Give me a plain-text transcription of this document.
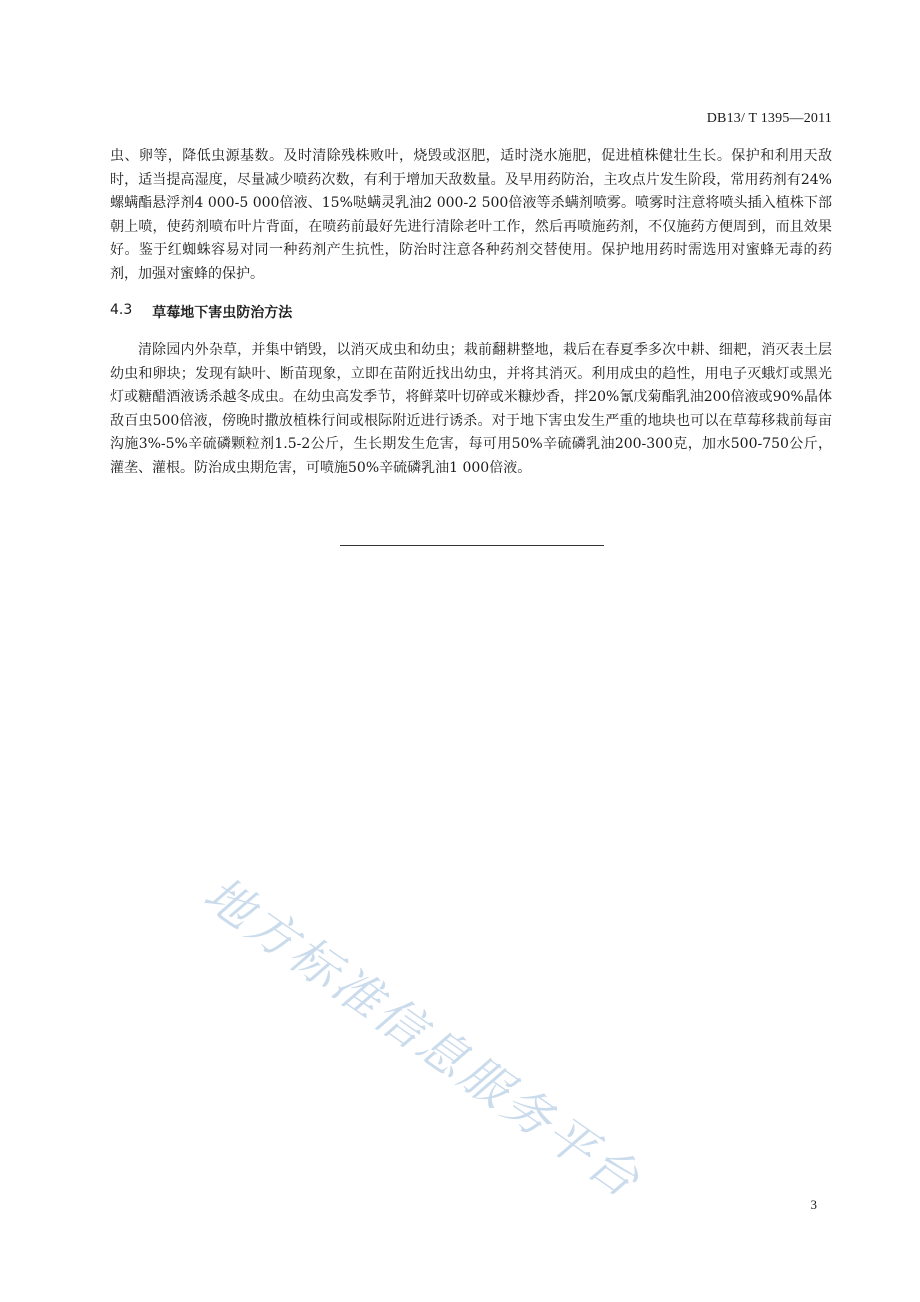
DB13/ T 1395—2011

虫、卵等，降低虫源基数。及时清除残株败叶，烧毁或沤肥，适时浇水施肥，促进植株健壮生长。保护和利用天敌时，适当提高湿度，尽量减少喷药次数，有利于增加天敌数量。及早用药防治，主攻点片发生阶段，常用药剂有24%螺螨酯悬浮剂4 000-5 000倍液、15%哒螨灵乳油2 000-2 500倍液等杀螨剂喷雾。喷雾时注意将喷头插入植株下部朝上喷，使药剂喷布叶片背面，在喷药前最好先进行清除老叶工作，然后再喷施药剂，不仅施药方便周到，而且效果好。鉴于红蜘蛛容易对同一种药剂产生抗性，防治时注意各种药剂交替使用。保护地用药时需选用对蜜蜂无毒的药剂，加强对蜜蜂的保护。

4.3 草莓地下害虫防治方法

清除园内外杂草，并集中销毁，以消灭成虫和幼虫；栽前翻耕整地，栽后在春夏季多次中耕、细耙，消灭表土层幼虫和卵块；发现有缺叶、断苗现象，立即在苗附近找出幼虫，并将其消灭。利用成虫的趋性，用电子灭蛾灯或黑光灯或糖醋酒液诱杀越冬成虫。在幼虫高发季节，将鲜菜叶切碎或米糠炒香，拌20%氰戊菊酯乳油200倍液或90%晶体敌百虫500倍液，傍晚时撒放植株行间或根际附近进行诱杀。对于地下害虫发生严重的地块也可以在草莓移栽前每亩沟施3%-5%辛硫磷颗粒剂1.5-2公斤，生长期发生危害，每可用50%辛硫磷乳油200-300克，加水500-750公斤，灌垄、灌根。防治成虫期危害，可喷施50%辛硫磷乳油1 000倍液。

地方标准信息服务平台	3
